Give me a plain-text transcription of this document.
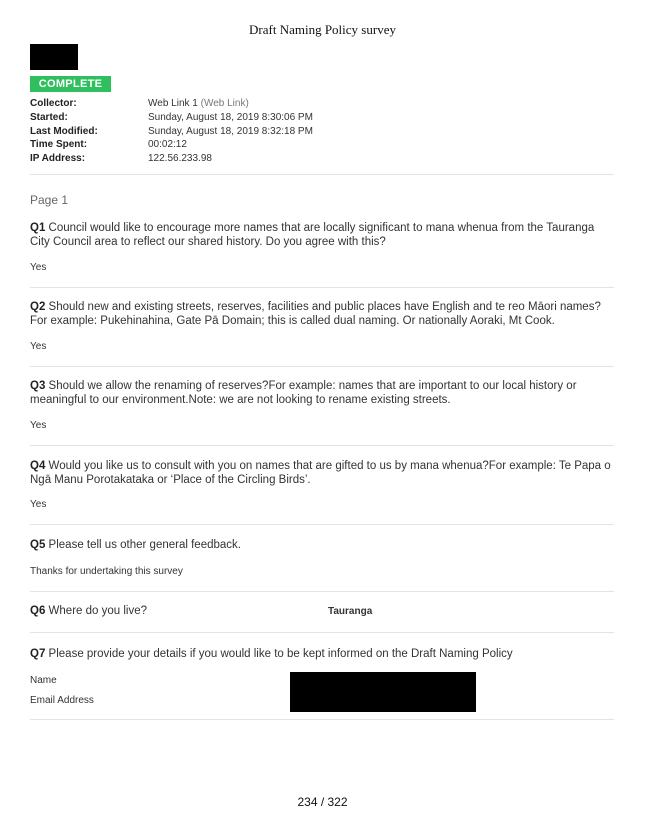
Draft Naming Policy survey
COMPLETE
Collector:	Web Link 1 (Web Link)
Started:	Sunday, August 18, 2019 8:30:06 PM
Last Modified:	Sunday, August 18, 2019 8:32:18 PM
Time Spent:	00:02:12
IP Address:	122.56.233.98
Page 1
Q1 Council would like to encourage more names that are locally significant to mana whenua from the Tauranga City Council area to reflect our shared history. Do you agree with this?
Yes
Q2 Should new and existing streets, reserves, facilities and public places have English and te reo Māori names?For example: Pukehinahina, Gate Pā Domain; this is called dual naming. Or nationally Aoraki, Mt Cook.
Yes
Q3 Should we allow the renaming of reserves?For example: names that are important to our local history or meaningful to our environment.Note: we are not looking to rename existing streets.
Yes
Q4 Would you like us to consult with you on names that are gifted to us by mana whenua?For example: Te Papa o Ngā Manu Porotakataka or ‘Place of the Circling Birds’.
Yes
Q5 Please tell us other general feedback.
Thanks for undertaking this survey
Q6 Where do you live?	Tauranga
Q7 Please provide your details if you would like to be kept informed on the Draft Naming Policy
Name
Email Address
234 / 322
